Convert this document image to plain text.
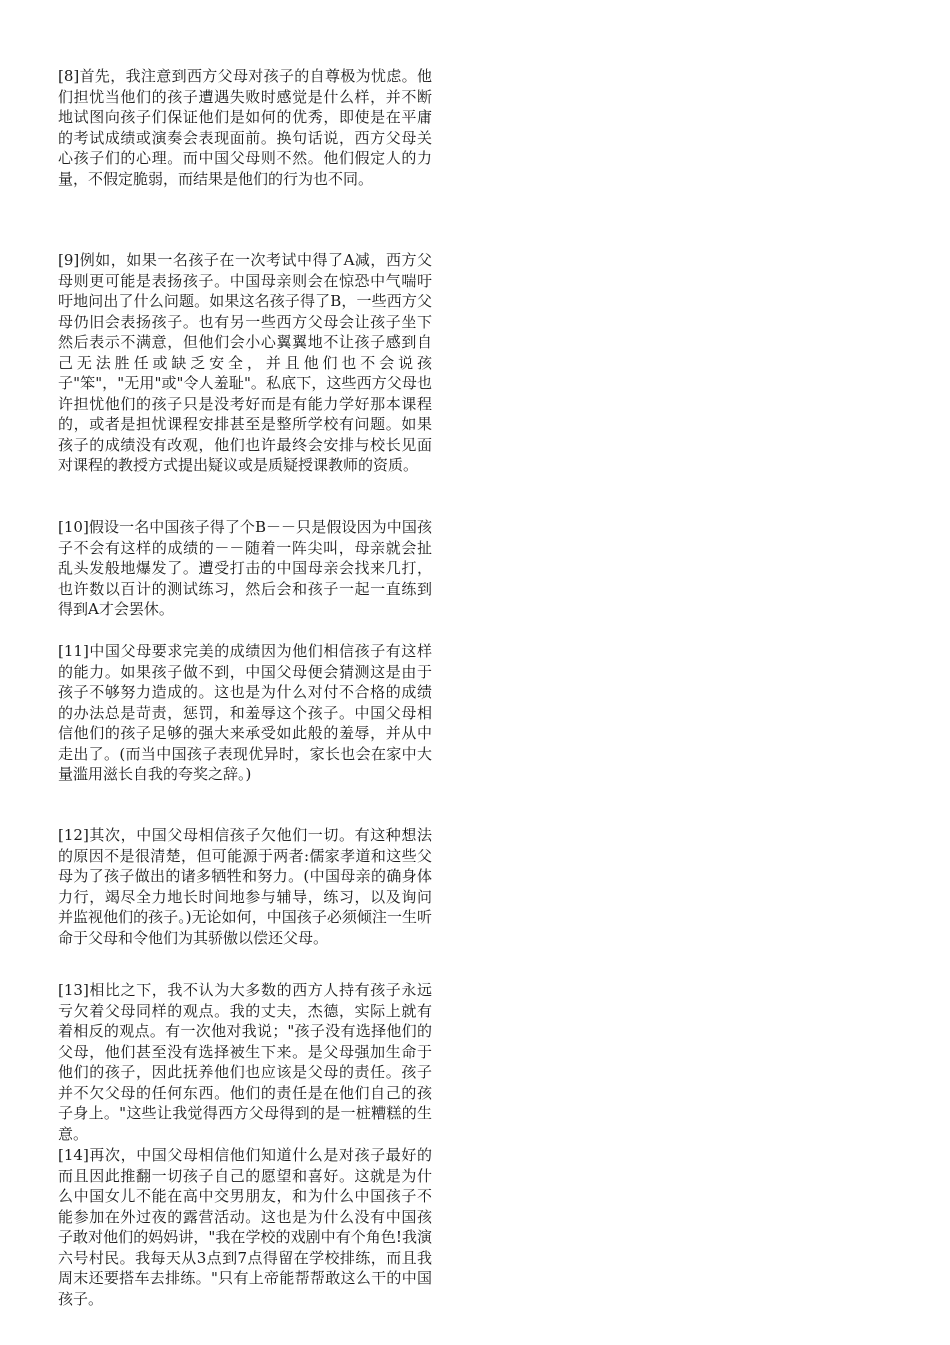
[8]首先，我注意到西方父母对孩子的自尊极为忧虑。他们担忧当他们的孩子遭遇失败时感觉是什么样，并不断地试图向孩子们保证他们是如何的优秀，即使是在平庸的考试成绩或演奏会表现面前。换句话说，西方父母关心孩子们的心理。而中国父母则不然。他们假定人的力量，不假定脆弱，而结果是他们的行为也不同。

[9]例如，如果一名孩子在一次考试中得了A减，西方父母则更可能是表扬孩子。中国母亲则会在惊恐中气喘吁吁地问出了什么问题。如果这名孩子得了B，一些西方父母仍旧会表扬孩子。也有另一些西方父母会让孩子坐下然后表示不满意，但他们会小心翼翼地不让孩子感到自己无法胜任或缺乏安全，并且他们也不会说孩子"笨"，"无用"或"令人羞耻"。私底下，这些西方父母也许担忧他们的孩子只是没考好而是有能力学好那本课程的，或者是担忧课程安排甚至是整所学校有问题。如果孩子的成绩没有改观，他们也许最终会安排与校长见面对课程的教授方式提出疑议或是质疑授课教师的资质。

[10]假设一名中国孩子得了个B－－只是假设因为中国孩子不会有这样的成绩的－－随着一阵尖叫，母亲就会扯乱头发般地爆发了。遭受打击的中国母亲会找来几打，也许数以百计的测试练习，然后会和孩子一起一直练到得到A才会罢休。

[11]中国父母要求完美的成绩因为他们相信孩子有这样的能力。如果孩子做不到，中国父母便会猜测这是由于孩子不够努力造成的。这也是为什么对付不合格的成绩的办法总是苛责，惩罚，和羞辱这个孩子。中国父母相信他们的孩子足够的强大来承受如此般的羞辱，并从中走出了。(而当中国孩子表现优异时，家长也会在家中大量滥用滋长自我的夸奖之辞。)

[12]其次，中国父母相信孩子欠他们一切。有这种想法的原因不是很清楚，但可能源于两者:儒家孝道和这些父母为了孩子做出的诸多牺牲和努力。(中国母亲的确身体力行，竭尽全力地长时间地参与辅导，练习，以及询问并监视他们的孩子。)无论如何，中国孩子必须倾注一生听命于父母和令他们为其骄傲以偿还父母。

[13]相比之下，我不认为大多数的西方人持有孩子永远亏欠着父母同样的观点。我的丈夫，杰德，实际上就有着相反的观点。有一次他对我说；"孩子没有选择他们的父母，他们甚至没有选择被生下来。是父母强加生命于他们的孩子，因此抚养他们也应该是父母的责任。孩子并不欠父母的任何东西。他们的责任是在他们自己的孩子身上。"这些让我觉得西方父母得到的是一桩糟糕的生意。

[14]再次，中国父母相信他们知道什么是对孩子最好的而且因此推翻一切孩子自己的愿望和喜好。这就是为什么中国女儿不能在高中交男朋友，和为什么中国孩子不能参加在外过夜的露营活动。这也是为什么没有中国孩子敢对他们的妈妈讲，"我在学校的戏剧中有个角色!我演六号村民。我每天从3点到7点得留在学校排练，而且我周末还要搭车去排练。"只有上帝能帮帮敢这么干的中国孩子。
